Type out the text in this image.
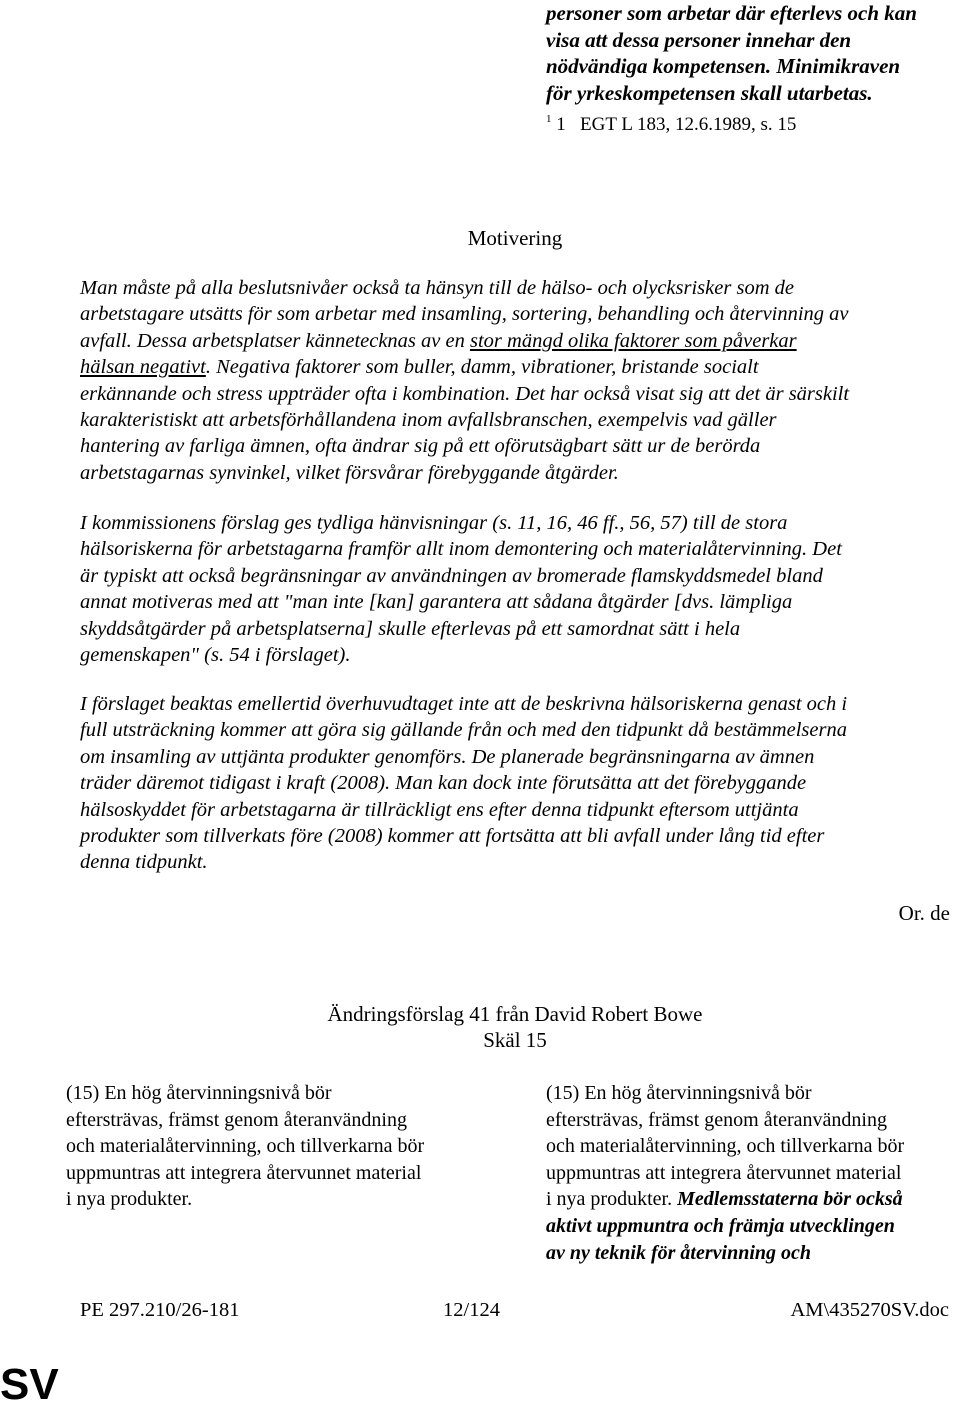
personer som arbetar där efterlevs och kan
visa att dessa personer innehar den
nödvändiga kompetensen. Minimikraven
för yrkeskompetensen skall utarbetas.
$^1$ 1 EGT L 183, 12.6.1989, s. 15
Motivering
Man måste på alla beslutsnivåer också ta hänsyn till de hälso- och olycksrisker som de
arbetstagare utsätts för som arbetar med insamling, sortering, behandling och återvinning av
avfall. Dessa arbetsplatser kännetecknas av en stor mängd olika faktorer som påverkar
hälsan negativt. Negativa faktorer som buller, damm, vibrationer, bristande socialt
erkännande och stress uppträder ofta i kombination. Det har också visat sig att det är särskilt
karakteristiskt att arbetsförhållandena inom avfallsbranschen, exempelvis vad gäller
hantering av farliga ämnen, ofta ändrar sig på ett oförutsägbart sätt ur de berörda
arbetstagarnas synvinkel, vilket försvårar förebyggande åtgärder.
I kommissionens förslag ges tydliga hänvisningar (s. 11, 16, 46 ff., 56, 57) till de stora
hälsoriskerna för arbetstagarna framför allt inom demontering och materialåtervinning. Det
är typiskt att också begränsningar av användningen av bromerade flamskyddsmedel bland
annat motiveras med att "man inte [kan] garantera att sådana åtgärder [dvs. lämpliga
skyddsåtgärder på arbetsplatserna] skulle efterlevas på ett samordnat sätt i hela
gemenskapen" (s. 54 i förslaget).
I förslaget beaktas emellertid överhuvudtaget inte att de beskrivna hälsoriskerna genast och i
full utsträckning kommer att göra sig gällande från och med den tidpunkt då bestämmelserna
om insamling av uttjänta produkter genomförs. De planerade begränsningarna av ämnen
träder däremot tidigast i kraft (2008). Man kan dock inte förutsätta att det förebyggande
hälsoskyddet för arbetstagarna är tillräckligt ens efter denna tidpunkt eftersom uttjänta
produkter som tillverkats före (2008) kommer att fortsätta att bli avfall under lång tid efter
denna tidpunkt.
Or. de
Ändringsförslag 41 från David Robert Bowe
Skäl 15
(15) En hög återvinningsnivå bör
eftersträvas, främst genom återanvändning
och materialåtervinning, och tillverkarna bör
uppmuntras att integrera återvunnet material
i nya produkter.
(15) En hög återvinningsnivå bör
eftersträvas, främst genom återanvändning
och materialåtervinning, och tillverkarna bör
uppmuntras att integrera återvunnet material
i nya produkter. Medlemsstaterna bör också
aktivt uppmuntra och främja utvecklingen
av ny teknik för återvinning och
PE 297.210/26-181	12/124	AM\435270SV.doc
SV
